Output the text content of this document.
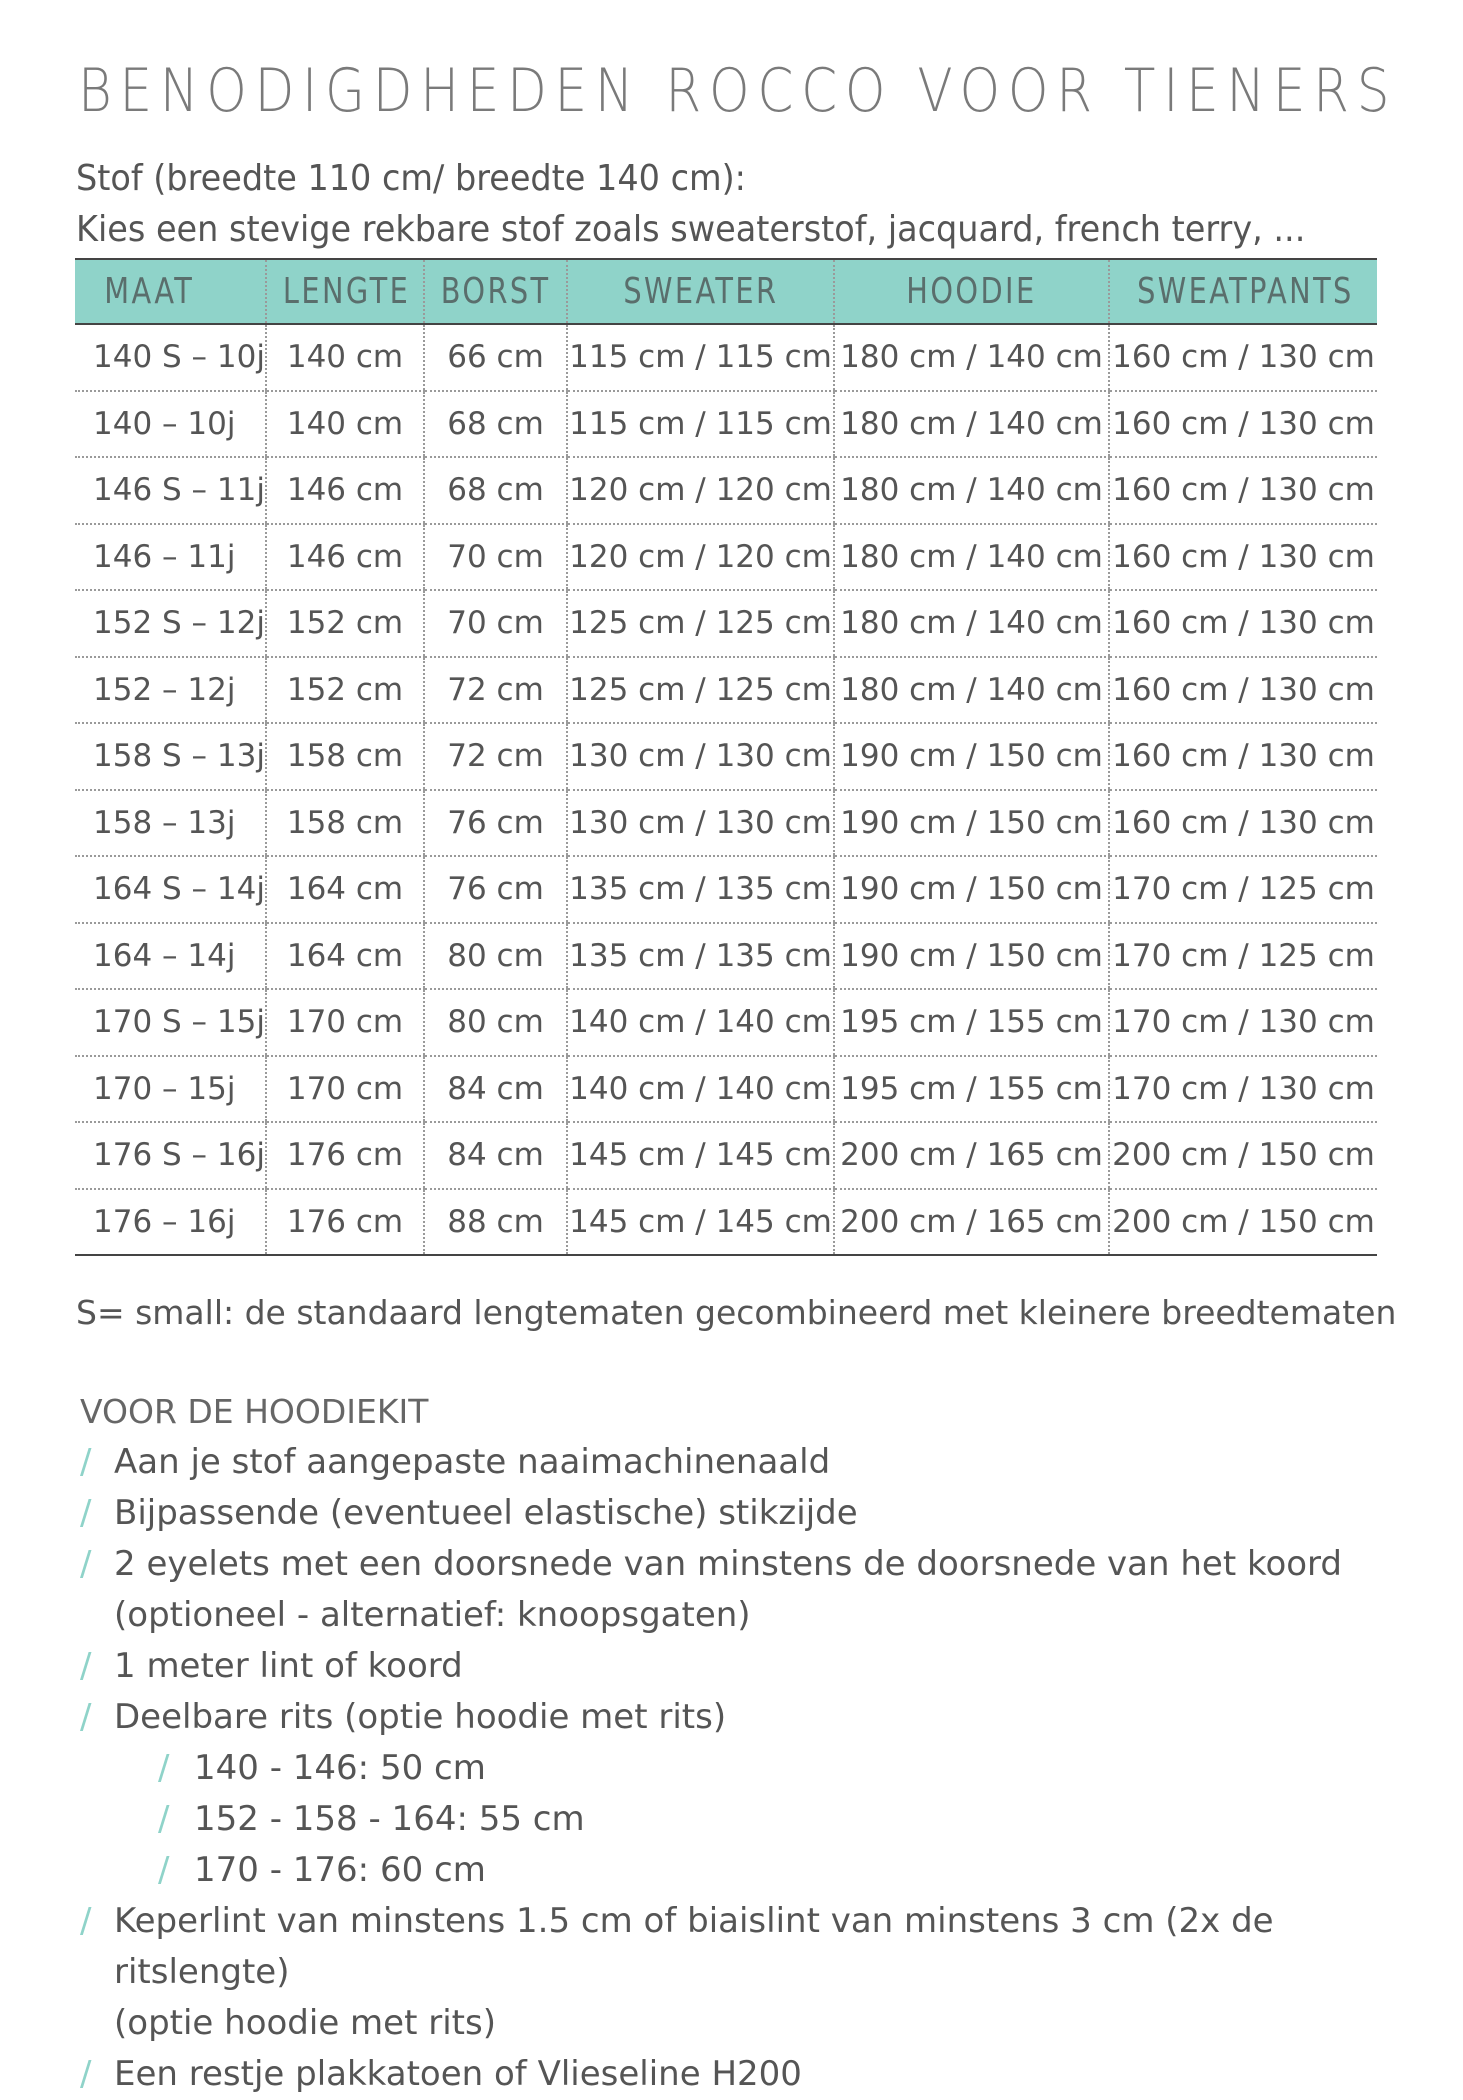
BENODIGDHEDEN ROCCO VOOR TIENERS
Stof (breedte 110 cm/ breedte 140 cm):
Kies een stevige rekbare stof zoals sweaterstof, jacquard, french terry, ...
MAAT	LENGTE	BORST	SWEATER	HOODIE	SWEATPANTS
140 S – 10j	140 cm	66 cm	115 cm / 115 cm	180 cm / 140 cm	160 cm / 130 cm
140 – 10j	140 cm	68 cm	115 cm / 115 cm	180 cm / 140 cm	160 cm / 130 cm
146 S – 11j	146 cm	68 cm	120 cm / 120 cm	180 cm / 140 cm	160 cm / 130 cm
146 – 11j	146 cm	70 cm	120 cm / 120 cm	180 cm / 140 cm	160 cm / 130 cm
152 S – 12j	152 cm	70 cm	125 cm / 125 cm	180 cm / 140 cm	160 cm / 130 cm
152 – 12j	152 cm	72 cm	125 cm / 125 cm	180 cm / 140 cm	160 cm / 130 cm
158 S – 13j	158 cm	72 cm	130 cm / 130 cm	190 cm / 150 cm	160 cm / 130 cm
158 – 13j	158 cm	76 cm	130 cm / 130 cm	190 cm / 150 cm	160 cm / 130 cm
164 S – 14j	164 cm	76 cm	135 cm / 135 cm	190 cm / 150 cm	170 cm / 125 cm
164 – 14j	164 cm	80 cm	135 cm / 135 cm	190 cm / 150 cm	170 cm / 125 cm
170 S – 15j	170 cm	80 cm	140 cm / 140 cm	195 cm / 155 cm	170 cm / 130 cm
170 – 15j	170 cm	84 cm	140 cm / 140 cm	195 cm / 155 cm	170 cm / 130 cm
176 S – 16j	176 cm	84 cm	145 cm / 145 cm	200 cm / 165 cm	200 cm / 150 cm
176 – 16j	176 cm	88 cm	145 cm / 145 cm	200 cm / 165 cm	200 cm / 150 cm
S= small: de standaard lengtematen gecombineerd met kleinere breedtematen
VOOR DE HOODIEKIT
/ Aan je stof aangepaste naaimachinenaald
/ Bijpassende (eventueel elastische) stikzijde
/ 2 eyelets met een doorsnede van minstens de doorsnede van het koord
(optioneel - alternatief: knoopsgaten)
/ 1 meter lint of koord
/ Deelbare rits (optie hoodie met rits)
/ 140 - 146: 50 cm
/ 152 - 158 - 164: 55 cm
/ 170 - 176: 60 cm
/ Keperlint van minstens 1.5 cm of biaislint van minstens 3 cm (2x de ritslengte)
(optie hoodie met rits)
/ Een restje plakkatoen of Vlieseline H200
